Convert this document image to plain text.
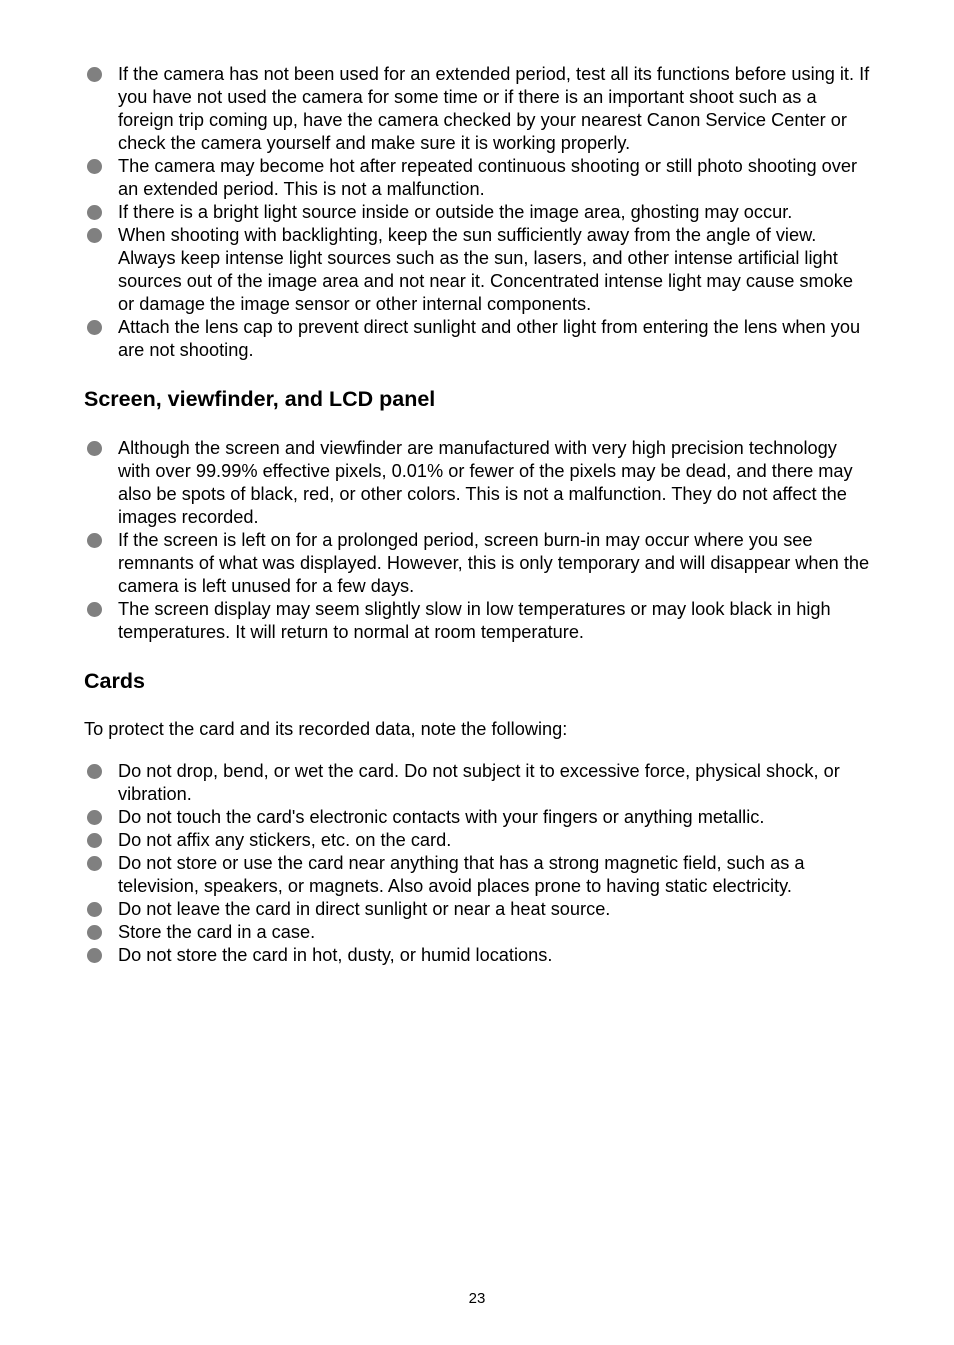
If the camera has not been used for an extended period, test all its functions before using it. If you have not used the camera for some time or if there is an important shoot such as a foreign trip coming up, have the camera checked by your nearest Canon Service Center or check the camera yourself and make sure it is working properly.
The camera may become hot after repeated continuous shooting or still photo shooting over an extended period. This is not a malfunction.
If there is a bright light source inside or outside the image area, ghosting may occur.
When shooting with backlighting, keep the sun sufficiently away from the angle of view. Always keep intense light sources such as the sun, lasers, and other intense artificial light sources out of the image area and not near it. Concentrated intense light may cause smoke or damage the image sensor or other internal components.
Attach the lens cap to prevent direct sunlight and other light from entering the lens when you are not shooting.
Screen, viewfinder, and LCD panel
Although the screen and viewfinder are manufactured with very high precision technology with over 99.99% effective pixels, 0.01% or fewer of the pixels may be dead, and there may also be spots of black, red, or other colors. This is not a malfunction. They do not affect the images recorded.
If the screen is left on for a prolonged period, screen burn-in may occur where you see remnants of what was displayed. However, this is only temporary and will disappear when the camera is left unused for a few days.
The screen display may seem slightly slow in low temperatures or may look black in high temperatures. It will return to normal at room temperature.
Cards

To protect the card and its recorded data, note the following:

Do not drop, bend, or wet the card. Do not subject it to excessive force, physical shock, or vibration.
Do not touch the card's electronic contacts with your fingers or anything metallic.
Do not affix any stickers, etc. on the card.
Do not store or use the card near anything that has a strong magnetic field, such as a television, speakers, or magnets. Also avoid places prone to having static electricity.
Do not leave the card in direct sunlight or near a heat source.
Store the card in a case.
Do not store the card in hot, dusty, or humid locations.
23
